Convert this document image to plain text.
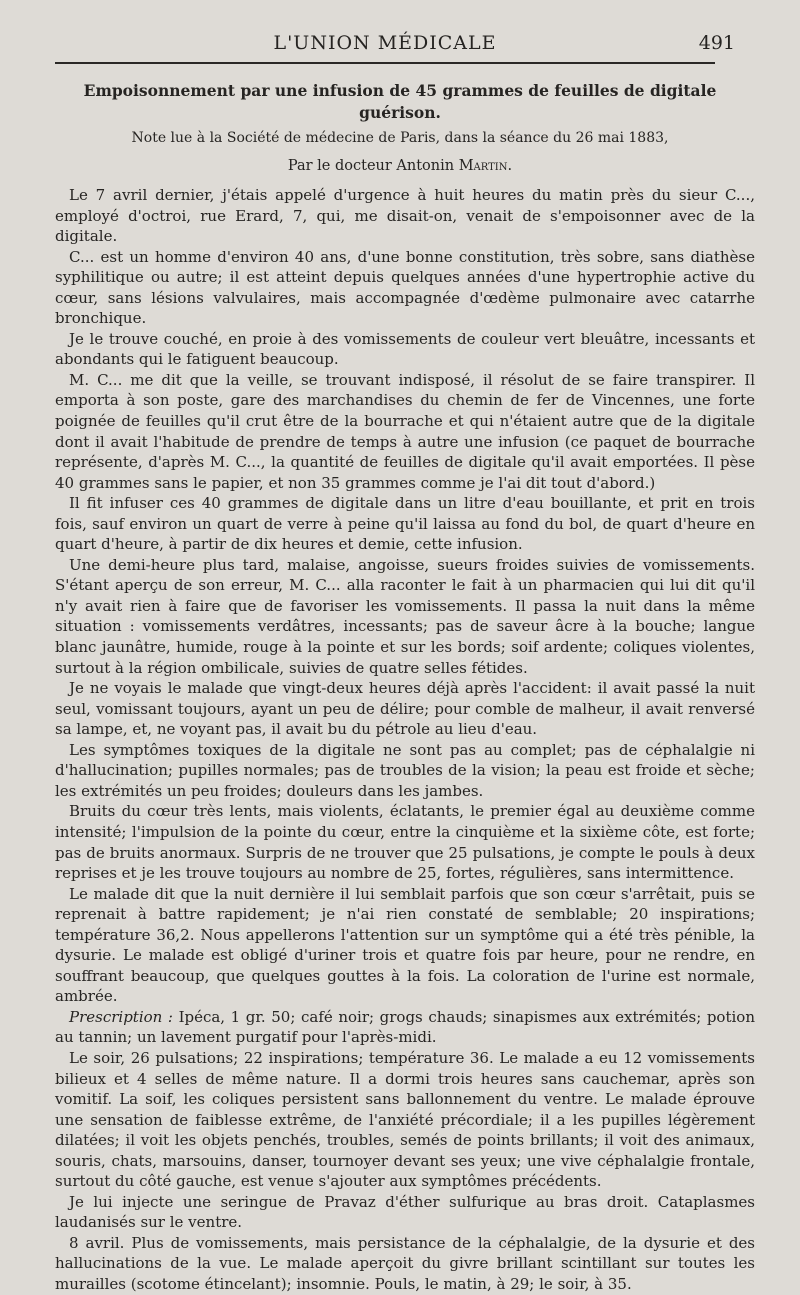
L'UNION MÉDICALE	491
Empoisonnement par une infusion de 45 grammes de feuilles de digitale
guérison.
Note lue à la Société de médecine de Paris, dans la séance du 26 mai 1883,
Par le docteur Antonin Martin.

Le 7 avril dernier, j'étais appelé d'urgence à huit heures du matin près du sieur C..., employé d'octroi, rue Erard, 7, qui, me disait-on, venait de s'empoisonner avec de la digitale.

C... est un homme d'environ 40 ans, d'une bonne constitution, très sobre, sans diathèse syphilitique ou autre; il est atteint depuis quelques années d'une hypertrophie active du cœur, sans lésions valvulaires, mais accompagnée d'œdème pulmonaire avec catarrhe bronchique.

Je le trouve couché, en proie à des vomissements de couleur vert bleuâtre, incessants et abondants qui le fatiguent beaucoup.

M. C... me dit que la veille, se trouvant indisposé, il résolut de se faire transpirer. Il emporta à son poste, gare des marchandises du chemin de fer de Vincennes, une forte poignée de feuilles qu'il crut être de la bourrache et qui n'étaient autre que de la digitale dont il avait l'habitude de prendre de temps à autre une infusion (ce paquet de bourrache représente, d'après M. C..., la quantité de feuilles de digitale qu'il avait emportées. Il pèse 40 grammes sans le papier, et non 35 grammes comme je l'ai dit tout d'abord.)

Il fit infuser ces 40 grammes de digitale dans un litre d'eau bouillante, et prit en trois fois, sauf environ un quart de verre à peine qu'il laissa au fond du bol, de quart d'heure en quart d'heure, à partir de dix heures et demie, cette infusion.

Une demi-heure plus tard, malaise, angoisse, sueurs froides suivies de vomissements. S'étant aperçu de son erreur, M. C... alla raconter le fait à un pharmacien qui lui dit qu'il n'y avait rien à faire que de favoriser les vomissements. Il passa la nuit dans la même situation : vomissements verdâtres, incessants; pas de saveur âcre à la bouche; langue blanc jaunâtre, humide, rouge à la pointe et sur les bords; soif ardente; coliques violentes, surtout à la région ombilicale, suivies de quatre selles fétides.

Je ne voyais le malade que vingt-deux heures déjà après l'accident: il avait passé la nuit seul, vomissant toujours, ayant un peu de délire; pour comble de malheur, il avait renversé sa lampe, et, ne voyant pas, il avait bu du pétrole au lieu d'eau.

Les symptômes toxiques de la digitale ne sont pas au complet; pas de céphalalgie ni d'hallucination; pupilles normales; pas de troubles de la vision; la peau est froide et sèche; les extrémités un peu froides; douleurs dans les jambes.

Bruits du cœur très lents, mais violents, éclatants, le premier égal au deuxième comme intensité; l'impulsion de la pointe du cœur, entre la cinquième et la sixième côte, est forte; pas de bruits anormaux. Surpris de ne trouver que 25 pulsations, je compte le pouls à deux reprises et je les trouve toujours au nombre de 25, fortes, régulières, sans intermittence.

Le malade dit que la nuit dernière il lui semblait parfois que son cœur s'arrêtait, puis se reprenait à battre rapidement; je n'ai rien constaté de semblable; 20 inspirations; température 36,2. Nous appellerons l'attention sur un symptôme qui a été très pénible, la dysurie. Le malade est obligé d'uriner trois et quatre fois par heure, pour ne rendre, en souffrant beaucoup, que quelques gouttes à la fois. La coloration de l'urine est normale, ambrée.

Prescription : Ipéca, 1 gr. 50; café noir; grogs chauds; sinapismes aux extrémités; potion au tannin; un lavement purgatif pour l'après-midi.

Le soir, 26 pulsations; 22 inspirations; température 36. Le malade a eu 12 vomissements bilieux et 4 selles de même nature. Il a dormi trois heures sans cauchemar, après son vomitif. La soif, les coliques persistent sans ballonnement du ventre. Le malade éprouve une sensation de faiblesse extrême, de l'anxiété précordiale; il a les pupilles légèrement dilatées; il voit les objets penchés, troubles, semés de points brillants; il voit des animaux, souris, chats, marsouins, danser, tournoyer devant ses yeux; une vive céphalalgie frontale, surtout du côté gauche, est venue s'ajouter aux symptômes précédents.

Je lui injecte une seringue de Pravaz d'éther sulfurique au bras droit. Cataplasmes laudanisés sur le ventre.

8 avril. Plus de vomissements, mais persistance de la céphalalgie, de la dysurie et des hallucinations de la vue. Le malade aperçoit du givre brillant scintillant sur toutes les murailles (scotome étincelant); insomnie. Pouls, le matin, à 29; le soir, à 35.
